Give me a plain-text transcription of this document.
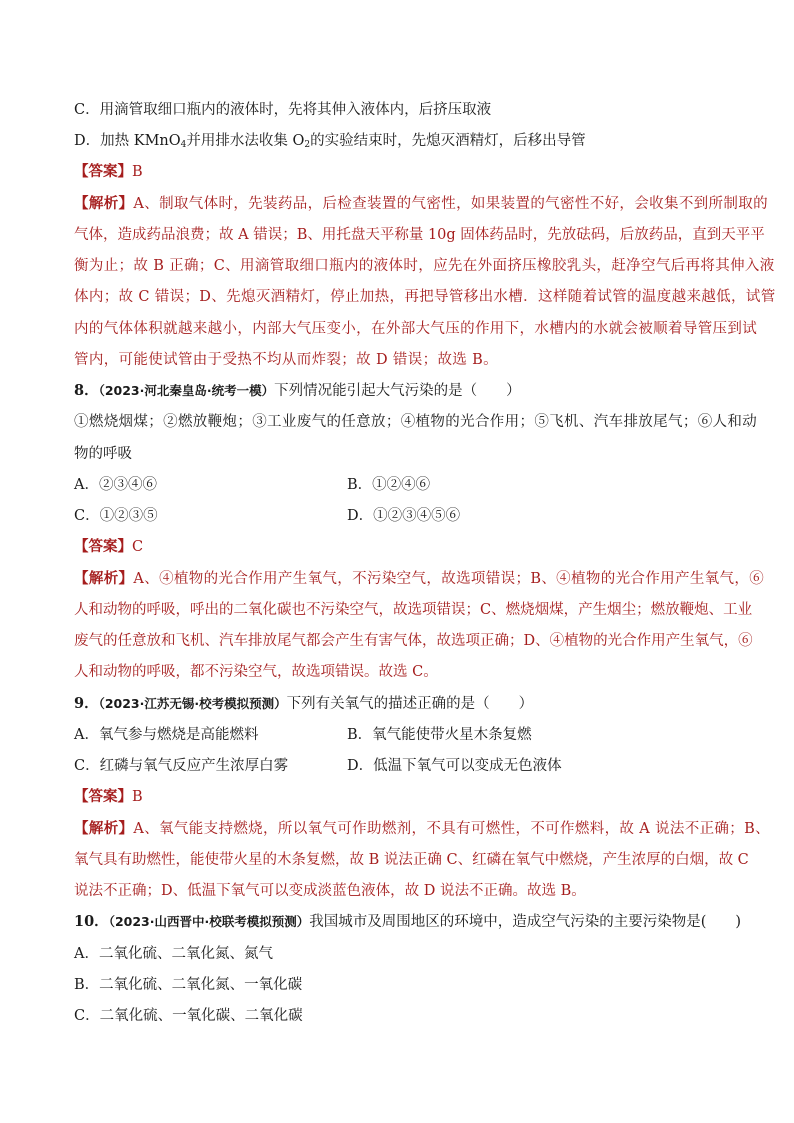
C．用滴管取细口瓶内的液体时，先将其伸入液体内，后挤压取液
D．加热 KMnO$_4$并用排水法收集 $O_2$的实验结束时，先熄灭酒精灯，后移出导管
【答案】B
【解析】A、制取气体时，先装药品，后检查装置的气密性，如果装置的气密性不好，会收集不到所制取的
气体，造成药品浪费；故 A 错误；B、用托盘天平称量 10g 固体药品时，先放砝码，后放药品，直到天平平
衡为止；故 B 正确；C、用滴管取细口瓶内的液体时，应先在外面挤压橡胶乳头，赶净空气后再将其伸入液
体内；故 C 错误；D、先熄灭酒精灯，停止加热，再把导管移出水槽．这样随着试管的温度越来越低，试管
内的气体体积就越来越小，内部大气压变小，在外部大气压的作用下，水槽内的水就会被顺着导管压到试
管内，可能使试管由于受热不均从而炸裂；故 D 错误；故选 B。
8．（2023·河北秦皇岛·统考一模）下列情况能引起大气污染的是（　　）
①燃烧烟煤；②燃放鞭炮；③工业废气的任意放；④植物的光合作用；⑤飞机、汽车排放尾气；⑥人和动
物的呼吸
A．②③④⑥	B．①②④⑥
C．①②③⑤	D．①②③④⑤⑥
【答案】C
【解析】A、④植物的光合作用产生氧气，不污染空气，故选项错误；B、④植物的光合作用产生氧气，⑥
人和动物的呼吸，呼出的二氧化碳也不污染空气，故选项错误；C、燃烧烟煤，产生烟尘；燃放鞭炮、工业
废气的任意放和飞机、汽车排放尾气都会产生有害气体，故选项正确；D、④植物的光合作用产生氧气，⑥
人和动物的呼吸，都不污染空气，故选项错误。故选 C。
9．（2023·江苏无锡·校考模拟预测）下列有关氧气的描述正确的是（　　）
A．氧气参与燃烧是高能燃料	B．氧气能使带火星木条复燃
C．红磷与氧气反应产生浓厚白雾	D．低温下氧气可以变成无色液体
【答案】B
【解析】A、氧气能支持燃烧，所以氧气可作助燃剂，不具有可燃性，不可作燃料，故 A 说法不正确；B、
氧气具有助燃性，能使带火星的木条复燃，故 B 说法正确 C、红磷在氧气中燃烧，产生浓厚的白烟，故 C
说法不正确；D、低温下氧气可以变成淡蓝色液体，故 D 说法不正确。故选 B。
10．（2023·山西晋中·校联考模拟预测）我国城市及周围地区的环境中，造成空气污染的主要污染物是(　　)
A．二氧化硫、二氧化氮、氮气
B．二氧化硫、二氧化氮、一氧化碳
C．二氧化硫、一氧化碳、二氧化碳
